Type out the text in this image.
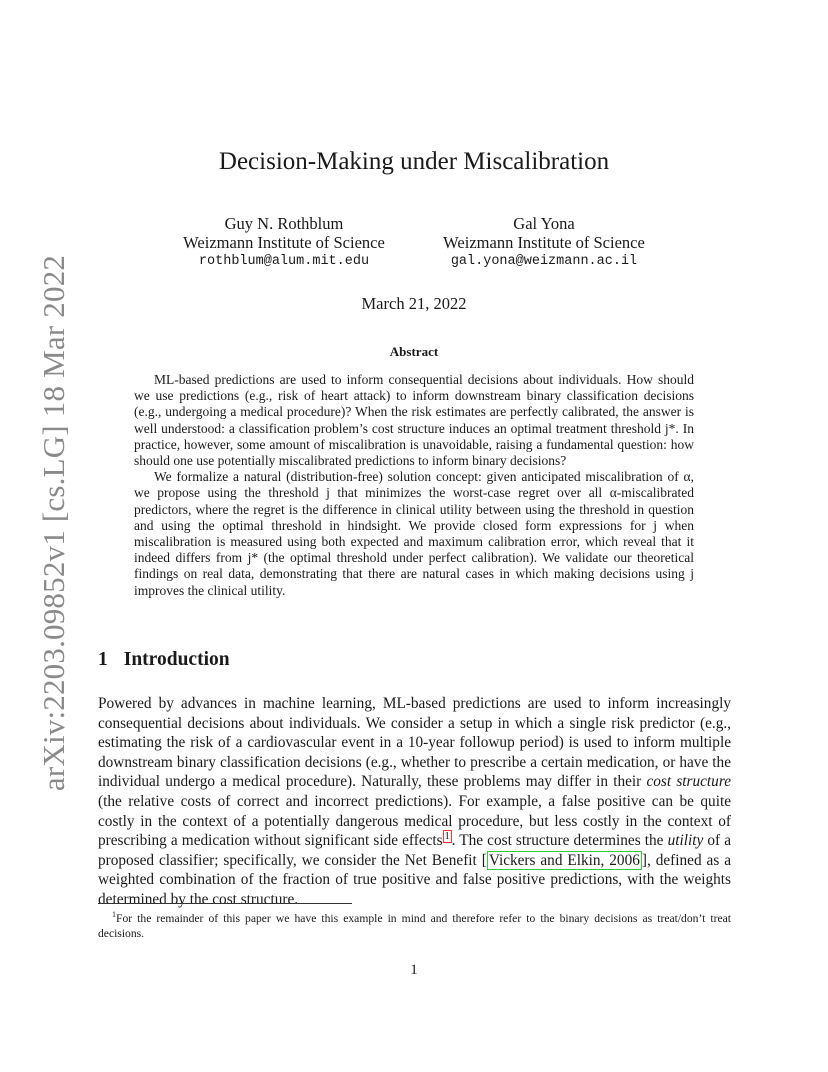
arXiv:2203.09852v1 [cs.LG] 18 Mar 2022
Decision-Making under Miscalibration
Guy N. Rothblum
Weizmann Institute of Science
rothblum@alum.mit.edu
Gal Yona
Weizmann Institute of Science
gal.yona@weizmann.ac.il
March 21, 2022
Abstract

ML-based predictions are used to inform consequential decisions about individuals. How should we use predictions (e.g., risk of heart attack) to inform downstream binary classification decisions (e.g., undergoing a medical procedure)? When the risk estimates are perfectly calibrated, the answer is well understood: a classification problem’s cost structure induces an optimal treatment threshold j*. In practice, however, some amount of miscalibration is unavoidable, raising a fundamental question: how should one use potentially miscalibrated predictions to inform binary decisions?

We formalize a natural (distribution-free) solution concept: given anticipated miscalibration of α, we propose using the threshold j that minimizes the worst-case regret over all α-miscalibrated predictors, where the regret is the difference in clinical utility between using the threshold in question and using the optimal threshold in hindsight. We provide closed form expressions for j when miscalibration is measured using both expected and maximum calibration error, which reveal that it indeed differs from j* (the optimal threshold under perfect calibration). We validate our theoretical findings on real data, demonstrating that there are natural cases in which making decisions using j improves the clinical utility.

1 Introduction

Powered by advances in machine learning, ML-based predictions are used to inform increasingly consequential decisions about individuals. We consider a setup in which a single risk predictor (e.g., estimating the risk of a cardiovascular event in a 10-year followup period) is used to inform multiple downstream binary classification decisions (e.g., whether to prescribe a certain medication, or have the individual undergo a medical procedure). Naturally, these problems may differ in their cost structure (the relative costs of correct and incorrect predictions). For example, a false positive can be quite costly in the context of a potentially dangerous medical procedure, but less costly in the context of prescribing a medication without significant side effects $^1$ . The cost structure determines the utility of a proposed classifier; specifically, we consider the Net Benefit [ Vickers and Elkin, 2006 ], defined as a weighted combination of the fraction of true positive and false positive predictions, with the weights determined by the cost structure.

$^1$For the remainder of this paper we have this example in mind and therefore refer to the binary decisions as treat/don’t treat decisions.

1
